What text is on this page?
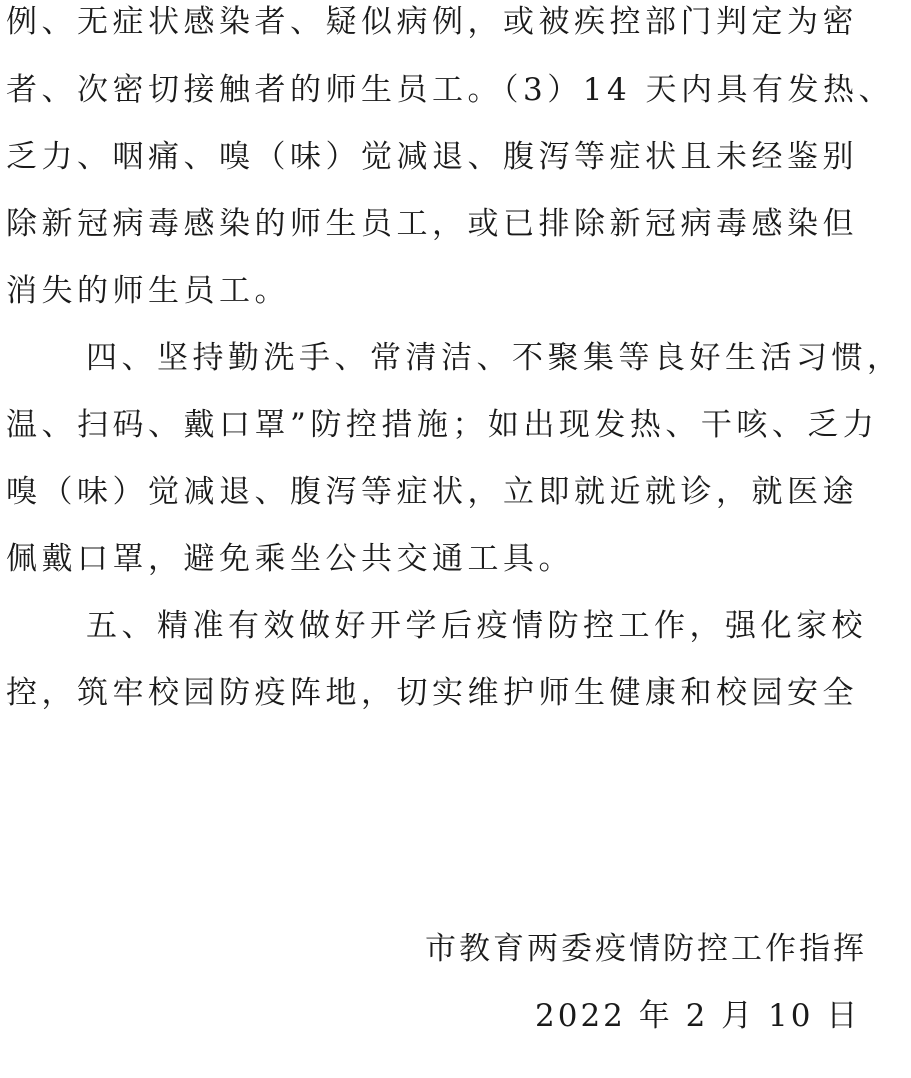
例、无症状感染者、疑似病例，或被疾控部门判定为密
者、次密切接触者的师生员工。（3）14 天内具有发热、
乏力、咽痛、嗅（味）觉减退、腹泻等症状且未经鉴别
除新冠病毒感染的师生员工，或已排除新冠病毒感染但
消失的师生员工。
四、坚持勤洗手、常清洁、不聚集等良好生活习惯，
温、扫码、戴口罩”防控措施；如出现发热、干咳、乏力
嗅（味）觉减退、腹泻等症状，立即就近就诊，就医途
佩戴口罩，避免乘坐公共交通工具。
五、精准有效做好开学后疫情防控工作，强化家校
控，筑牢校园防疫阵地，切实维护师生健康和校园安全
市教育两委疫情防控工作指挥
2022 年 2 月 10 日
